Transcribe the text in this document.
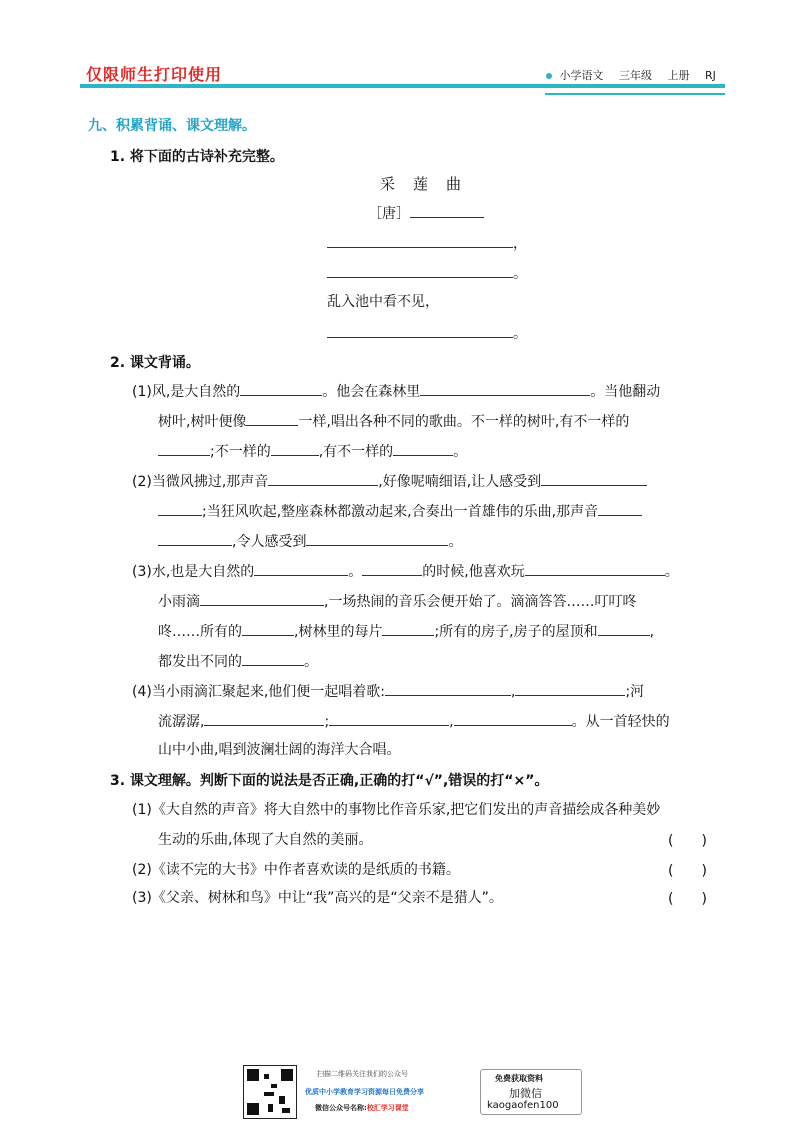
仅限师生打印使用	小学语文 三年级 上册 RJ
九、积累背诵、课文理解。
1. 将下面的古诗补充完整。
采莲曲
［唐］
，
。
乱入池中看不见，
。
2. 课文背诵。
(1)风,是大自然的	。他会在森林里	。当他翻动
树叶,树叶便像	一样,唱出各种不同的歌曲。不一样的树叶,有不一样的
;不一样的	,有不一样的	。
(2)当微风拂过,那声音	,好像呢喃细语,让人感受到
;当狂风吹起,整座森林都激动起来,合奏出一首雄伟的乐曲,那声音
,令人感受到	。
(3)水,也是大自然的	。	的时候,他喜欢玩	。
小雨滴	,一场热闹的音乐会便开始了。滴滴答答……叮叮咚
咚……所有的	,树林里的每片	;所有的房子,房子的屋顶和	,
都发出不同的	。
(4)当小雨滴汇聚起来,他们便一起唱着歌:	,	;河
流潺潺,	;	,	。从一首轻快的
山中小曲,唱到波澜壮阔的海洋大合唱。
3. 课文理解。判断下面的说法是否正确,正确的打“√”,错误的打“×”。
(1)《大自然的声音》将大自然中的事物比作音乐家,把它们发出的声音描绘成各种美妙
生动的乐曲,体现了大自然的美丽。	(　　)
(2)《读不完的大书》中作者喜欢读的是纸质的书籍。	(　　)
(3)《父亲、树林和鸟》中让“我”高兴的是“父亲不是猎人”。	(　　)
扫描二维码关注我们的公众号
优质中小学教育学习资源每日免费分享
微信公众号名称:校汇学习课堂
免费获取资料
加微信
kaogaofen100
